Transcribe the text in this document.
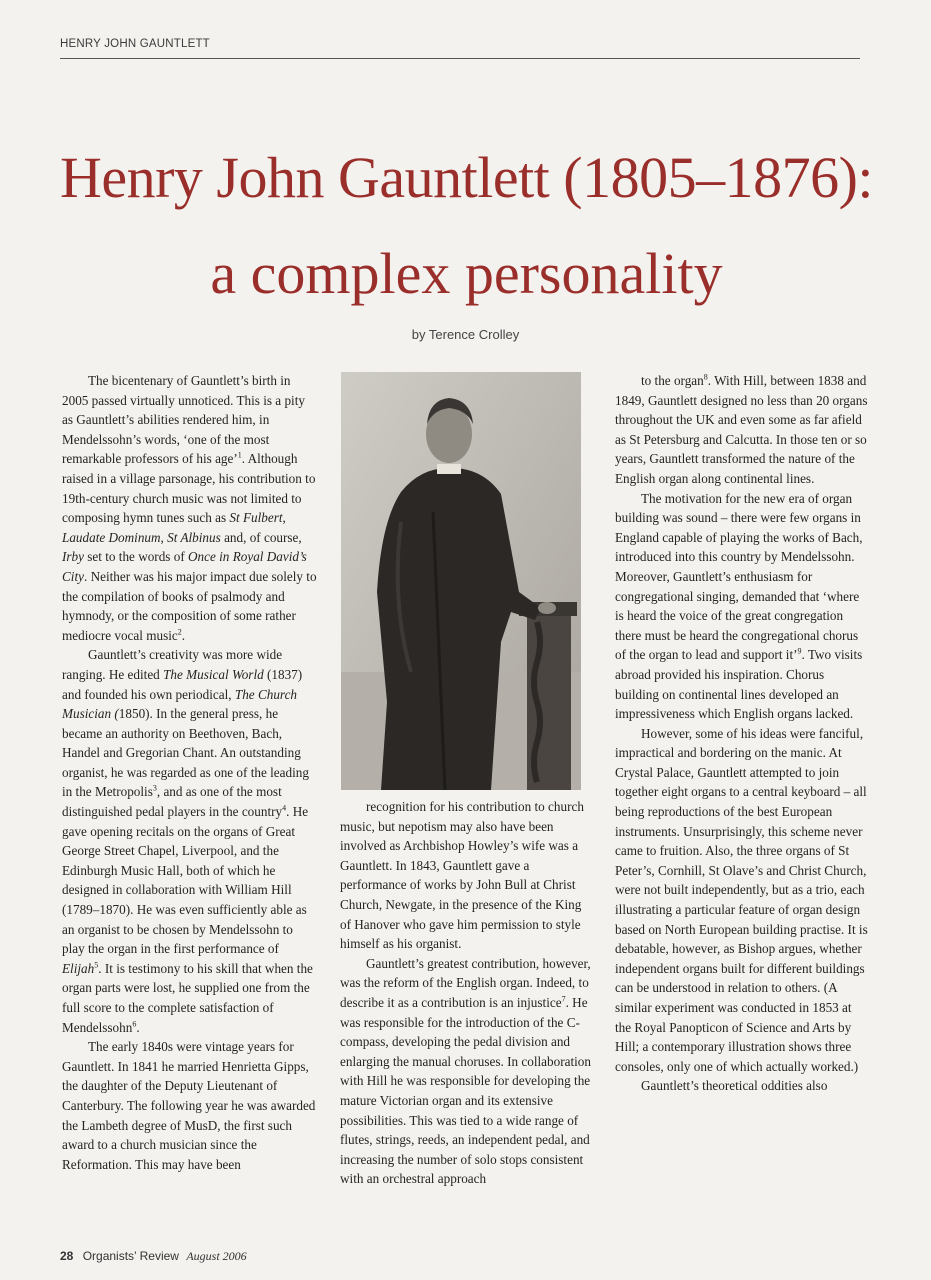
HENRY JOHN GAUNTLETT
Henry John Gauntlett (1805–1876):
a complex personality
by Terence Crolley

The bicentenary of Gauntlett’s birth in 2005 passed virtually unnoticed. This is a pity as Gauntlett’s abilities rendered him, in Mendelssohn’s words, ‘one of the most remarkable professors of his age’$^1$. Although raised in a village parsonage, his contribution to 19th-century church music was not limited to composing hymn tunes such as St Fulbert, Laudate Dominum, St Albinus and, of course, Irby set to the words of Once in Royal David’s City. Neither was his major impact due solely to the compilation of books of psalmody and hymnody, or the composition of some rather mediocre vocal music$^2$.

Gauntlett’s creativity was more wide ranging. He edited The Musical World (1837) and founded his own periodical, The Church Musician (1850). In the general press, he became an authority on Beethoven, Bach, Handel and Gregorian Chant. An outstanding organist, he was regarded as one of the leading in the Metropolis$^3$, and as one of the most distinguished pedal players in the country$^4$. He gave opening recitals on the organs of Great George Street Chapel, Liverpool, and the Edinburgh Music Hall, both of which he designed in collaboration with William Hill (1789–1870). He was even sufficiently able as an organist to be chosen by Mendelssohn to play the organ in the first performance of Elijah$^5$. It is testimony to his skill that when the organ parts were lost, he supplied one from the full score to the complete satisfaction of Mendelssohn$^6$.

The early 1840s were vintage years for Gauntlett. In 1841 he married Henrietta Gipps, the daughter of the Deputy Lieutenant of Canterbury. The following year he was awarded the Lambeth degree of MusD, the first such award to a church musician since the Reformation. This may have been

recognition for his contribution to church music, but nepotism may also have been involved as Archbishop Howley’s wife was a Gauntlett. In 1843, Gauntlett gave a performance of works by John Bull at Christ Church, Newgate, in the presence of the King of Hanover who gave him permission to style himself as his organist.

Gauntlett’s greatest contribution, however, was the reform of the English organ. Indeed, to describe it as a contribution is an injustice$^7$. He was responsible for the introduction of the C-compass, developing the pedal division and enlarging the manual choruses. In collaboration with Hill he was responsible for developing the mature Victorian organ and its extensive possibilities. This was tied to a wide range of flutes, strings, reeds, an independent pedal, and increasing the number of solo stops consistent with an orchestral approach

to the organ$^8$. With Hill, between 1838 and 1849, Gauntlett designed no less than 20 organs throughout the UK and even some as far afield as St Petersburg and Calcutta. In those ten or so years, Gauntlett transformed the nature of the English organ along continental lines.

The motivation for the new era of organ building was sound – there were few organs in England capable of playing the works of Bach, introduced into this country by Mendelssohn. Moreover, Gauntlett’s enthusiasm for congregational singing, demanded that ‘where is heard the voice of the great congregation there must be heard the congregational chorus of the organ to lead and support it’$^9$. Two visits abroad provided his inspiration. Chorus building on continental lines developed an impressiveness which English organs lacked.

However, some of his ideas were fanciful, impractical and bordering on the manic. At Crystal Palace, Gauntlett attempted to join together eight organs to a central keyboard – all being reproductions of the best European instruments. Unsurprisingly, this scheme never came to fruition. Also, the three organs of St Peter’s, Cornhill, St Olave’s and Christ Church, were not built independently, but as a trio, each illustrating a particular feature of organ design based on North European building practise. It is debatable, however, as Bishop argues, whether independent organs built for different buildings can be understood in relation to others. (A similar experiment was conducted in 1853 at the Royal Panopticon of Science and Arts by Hill; a contemporary illustration shows three consoles, only one of which actually worked.)

Gauntlett’s theoretical oddities also

28 Organists’ Review August 2006
